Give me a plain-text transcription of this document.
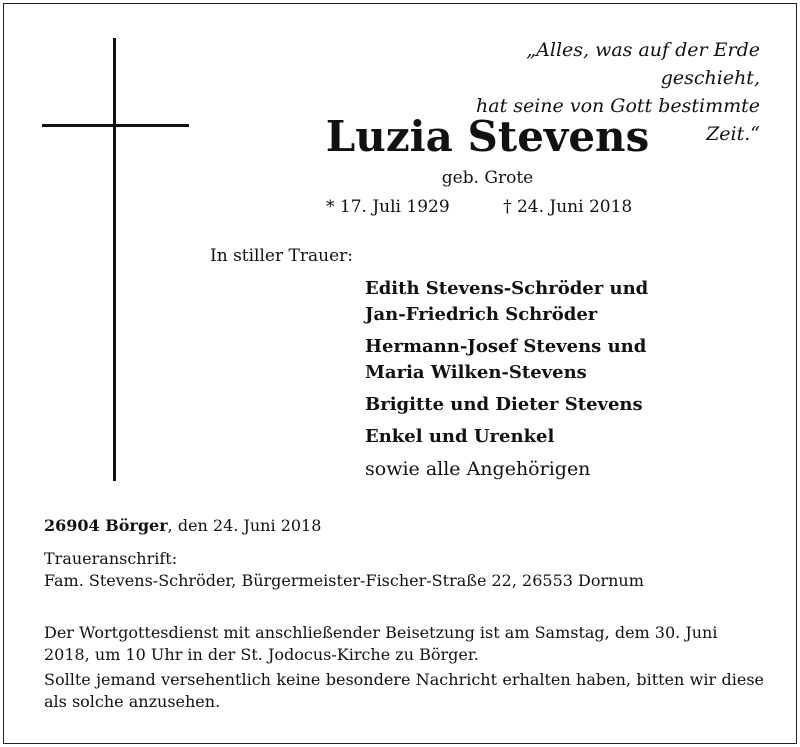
„Alles, was auf der Erde geschieht,
hat seine von Gott bestimmte Zeit.“
Luzia Stevens
geb. Grote
* 17. Juli 1929	† 24. Juni 2018
In stiller Trauer:
Edith Stevens-Schröder und
Jan-Friedrich Schröder
Hermann-Josef Stevens und
Maria Wilken-Stevens
Brigitte und Dieter Stevens
Enkel und Urenkel
sowie alle Angehörigen
26904 Börger, den 24. Juni 2018
Traueranschrift:
Fam. Stevens-Schröder, Bürgermeister-Fischer-Straße 22, 26553 Dornum

Der Wortgottesdienst mit anschließender Beisetzung ist am Samstag, dem 30. Juni 2018, um 10 Uhr in der St. Jodocus-Kirche zu Börger.

Sollte jemand versehentlich keine besondere Nachricht erhalten haben, bitten wir diese als solche anzusehen.
